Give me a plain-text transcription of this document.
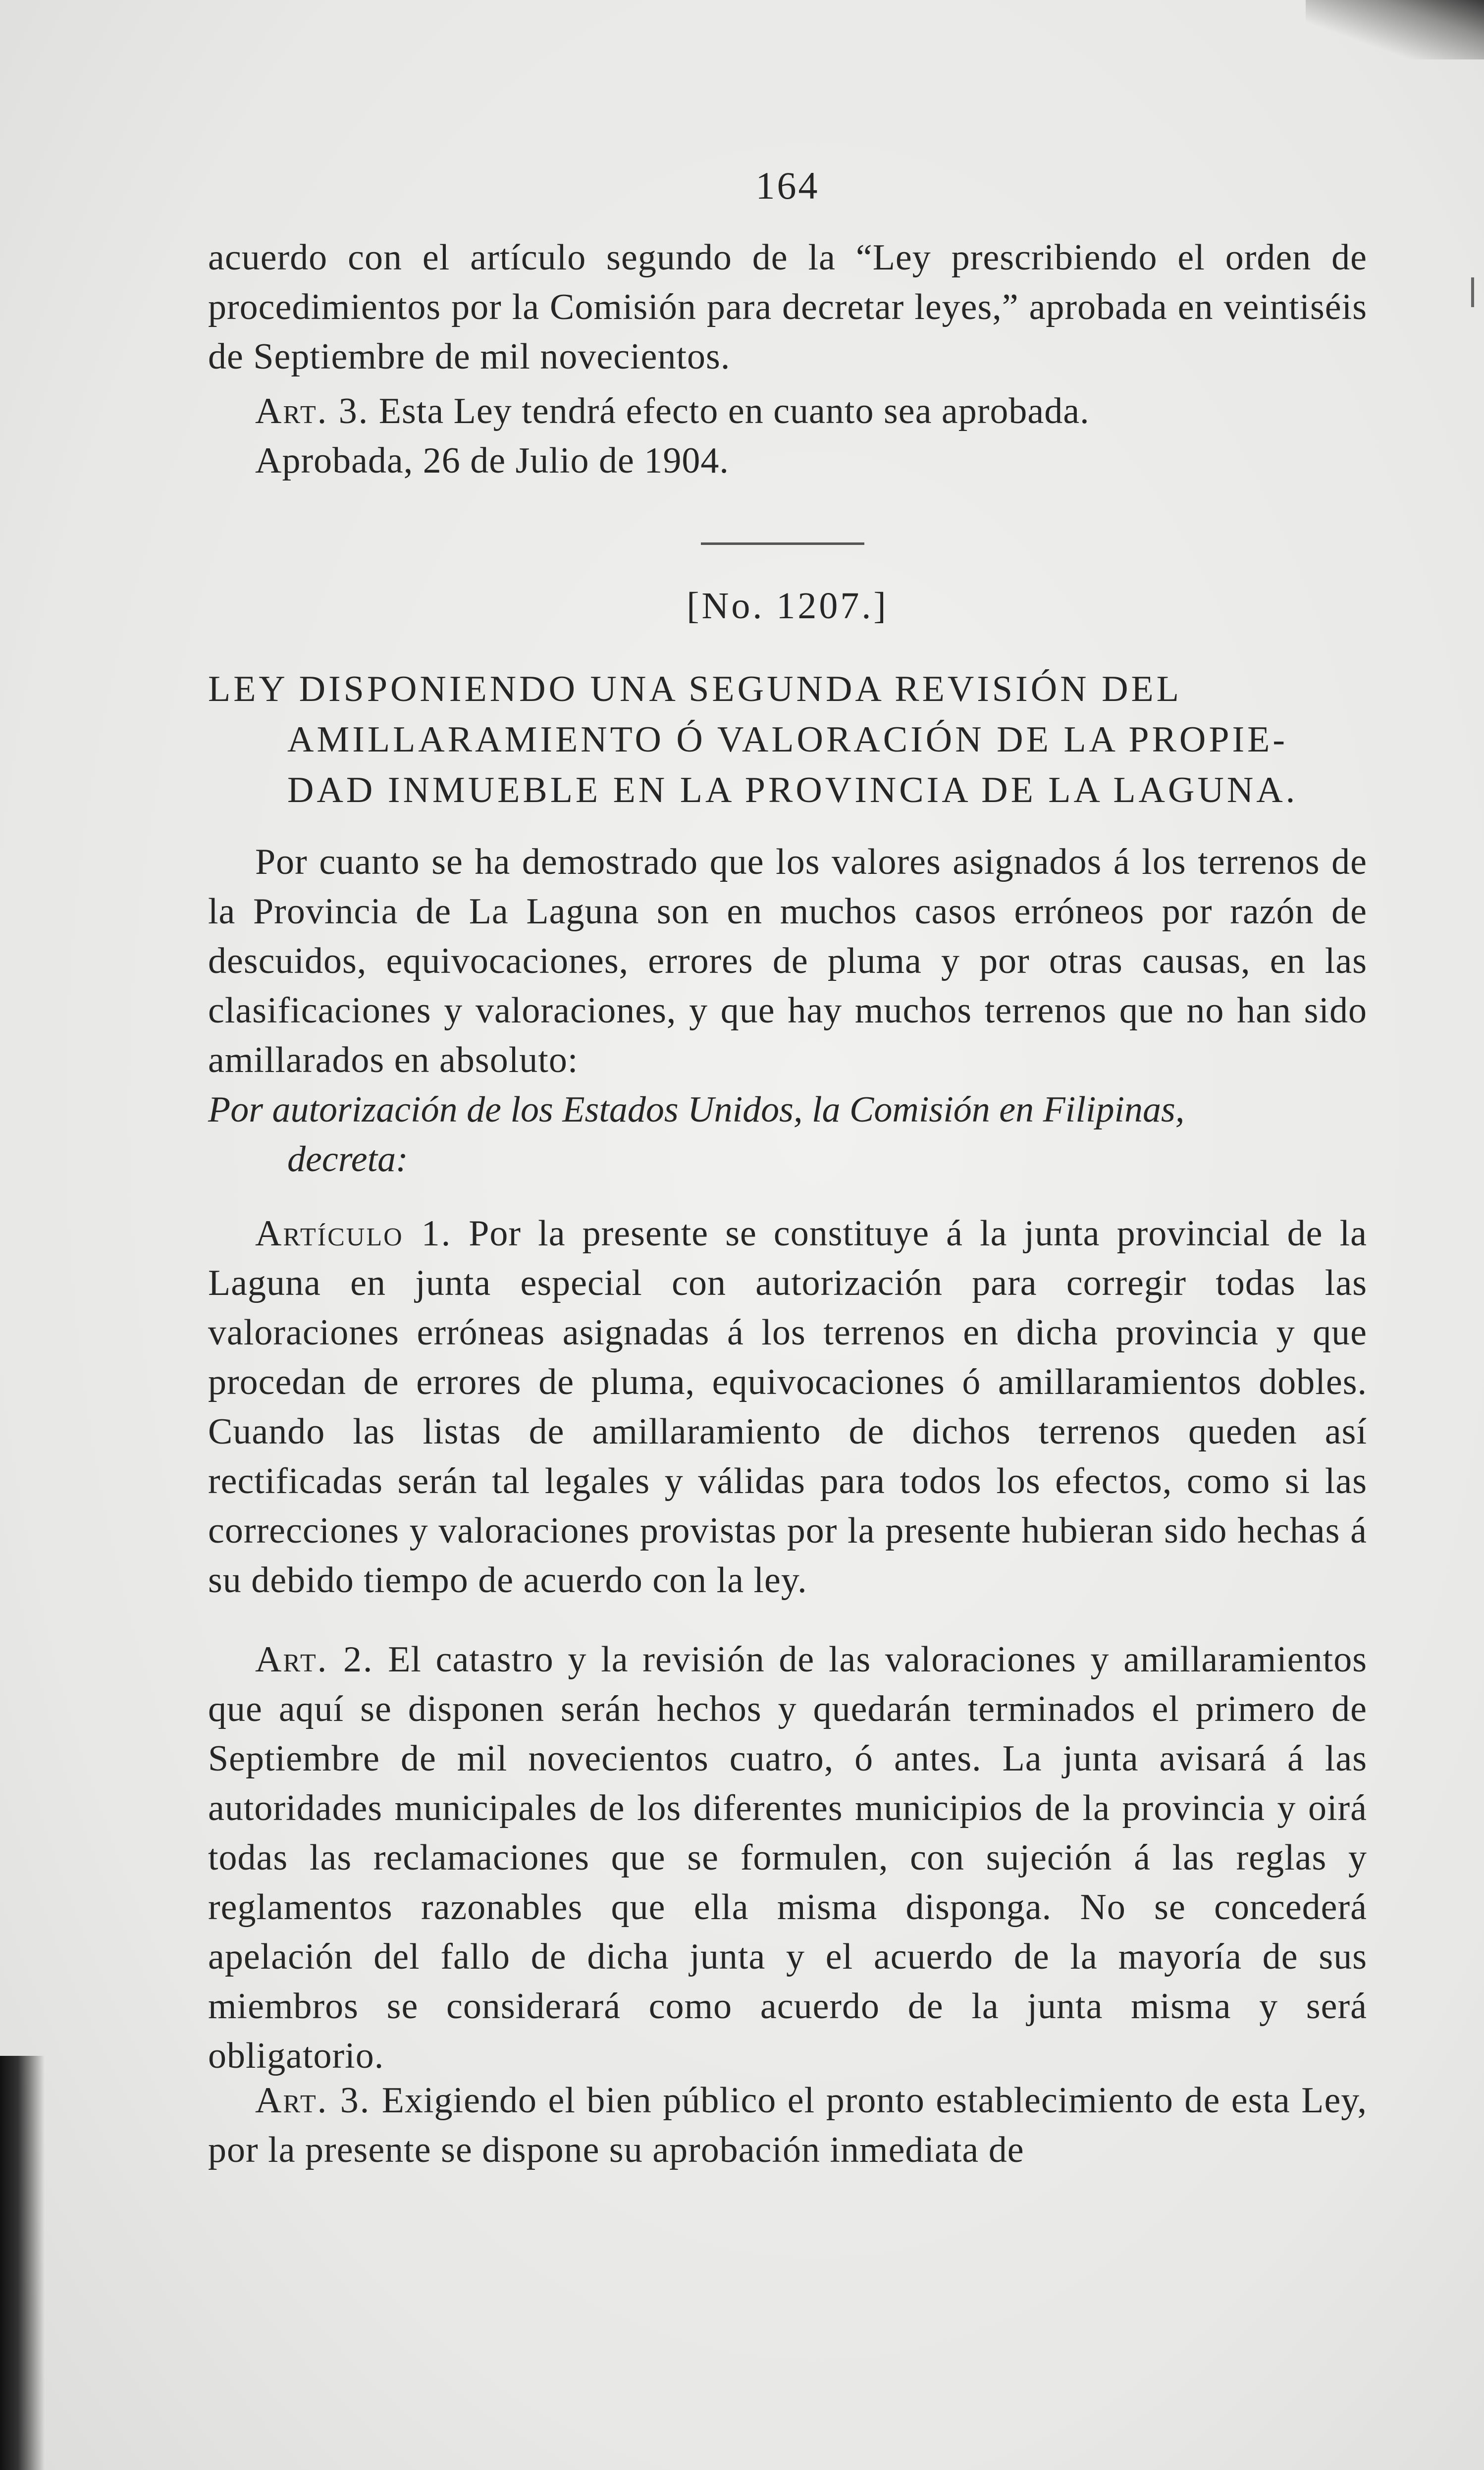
164

acuerdo con el artículo segundo de la “Ley prescribiendo el orden de procedimientos por la Comisión para decretar leyes,” aprobada en veintiséis de Septiembre de mil novecientos.

Art. 3. Esta Ley tendrá efecto en cuanto sea aprobada.

Aprobada, 26 de Julio de 1904.

[No. 1207.]
LEY DISPONIENDO UNA SEGUNDA REVISIÓN DEL
AMILLARAMIENTO Ó VALORACIÓN DE LA PROPIE-
DAD INMUEBLE EN LA PROVINCIA DE LA LAGUNA.

Por cuanto se ha demostrado que los valores asignados á los terrenos de la Provincia de La Laguna son en muchos casos erróneos por razón de descuidos, equivocaciones, errores de pluma y por otras causas, en las clasificaciones y valoraciones, y que hay muchos terrenos que no han sido amillarados en absoluto:

Por autorización de los Estados Unidos, la Comisión en Filipinas,
decreta:

Artículo 1. Por la presente se constituye á la junta provincial de la Laguna en junta especial con autorización para corregir todas las valoraciones erróneas asignadas á los terrenos en dicha provincia y que procedan de errores de pluma, equivocaciones ó amillaramientos dobles. Cuando las listas de amillaramiento de dichos terrenos queden así rectificadas serán tal legales y válidas para todos los efectos, como si las correcciones y valoraciones provistas por la presente hubieran sido hechas á su debido tiempo de acuerdo con la ley.

Art. 2. El catastro y la revisión de las valoraciones y amillaramientos que aquí se disponen serán hechos y quedarán terminados el primero de Septiembre de mil novecientos cuatro, ó antes. La junta avisará á las autoridades municipales de los diferentes municipios de la provincia y oirá todas las reclamaciones que se formulen, con sujeción á las reglas y reglamentos razonables que ella misma disponga. No se concederá apelación del fallo de dicha junta y el acuerdo de la mayoría de sus miembros se considerará como acuerdo de la junta misma y será obligatorio.

Art. 3. Exigiendo el bien público el pronto establecimiento de esta Ley, por la presente se dispone su aprobación inmediata de
